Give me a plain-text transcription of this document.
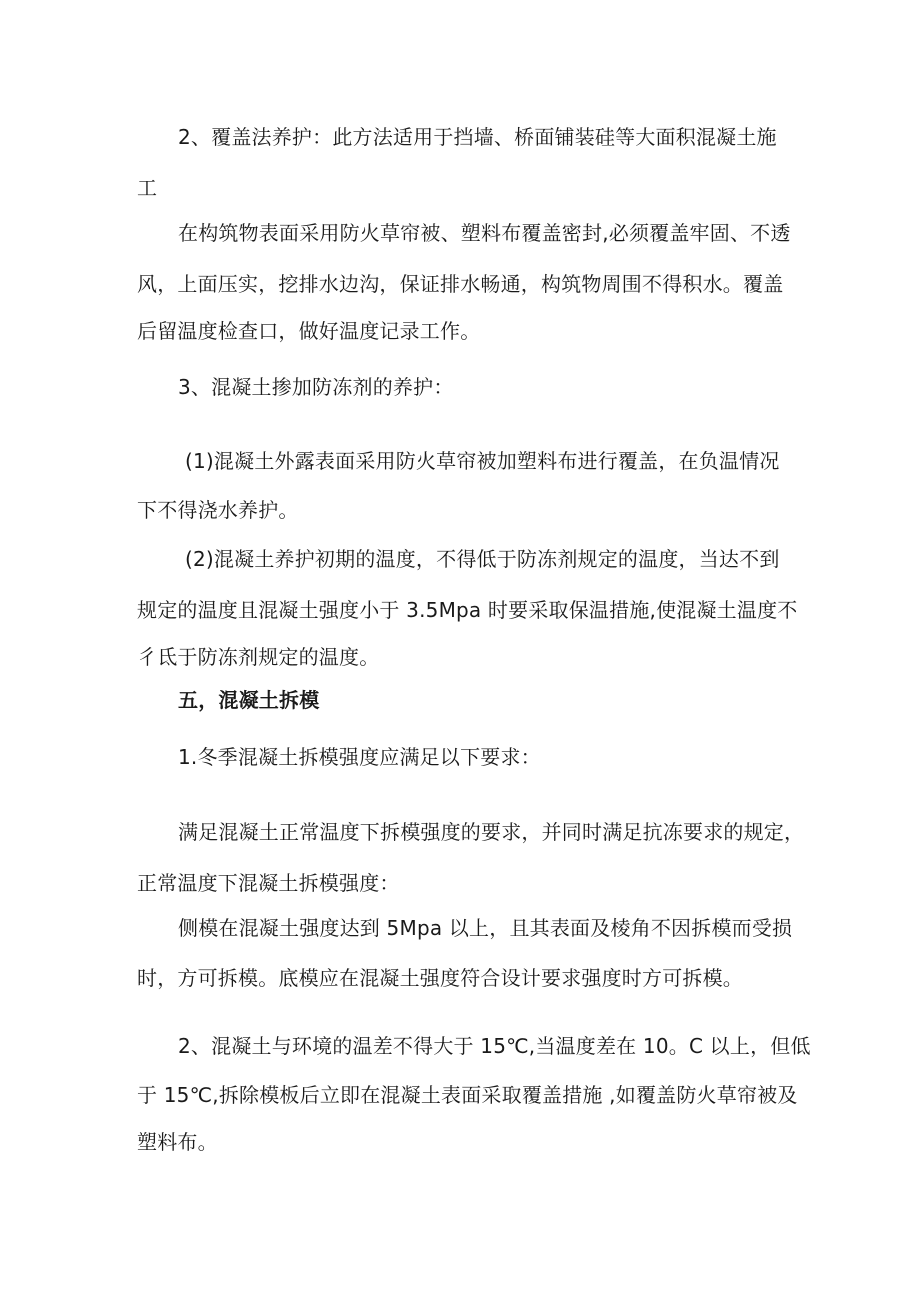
2、覆盖法养护：此方法适用于挡墙、桥面铺装硅等大面积混凝土施

工

在构筑物表面采用防火草帘被、塑料布覆盖密封,必须覆盖牢固、不透

风，上面压实，挖排水边沟，保证排水畅通，构筑物周围不得积水。覆盖

后留温度检查口，做好温度记录工作。

3、混凝土掺加防冻剂的养护：

(1)混凝土外露表面采用防火草帘被加塑料布进行覆盖，在负温情况

下不得浇水养护。

(2)混凝土养护初期的温度，不得低于防冻剂规定的温度，当达不到

规定的温度且混凝土强度小于 3.5Mpa 时要采取保温措施,使混凝土温度不

彳氐于防冻剂规定的温度。

五，混凝土拆模

1.冬季混凝土拆模强度应满足以下要求：

满足混凝土正常温度下拆模强度的要求，并同时满足抗冻要求的规定，

正常温度下混凝土拆模强度：

侧模在混凝土强度达到 5Mpa 以上，且其表面及棱角不因拆模而受损

时，方可拆模。底模应在混凝土强度符合设计要求强度时方可拆模。

2、混凝土与环境的温差不得大于 15℃,当温度差在 10。C 以上，但低

于 15℃,拆除模板后立即在混凝土表面采取覆盖措施 ,如覆盖防火草帘被及

塑料布。
